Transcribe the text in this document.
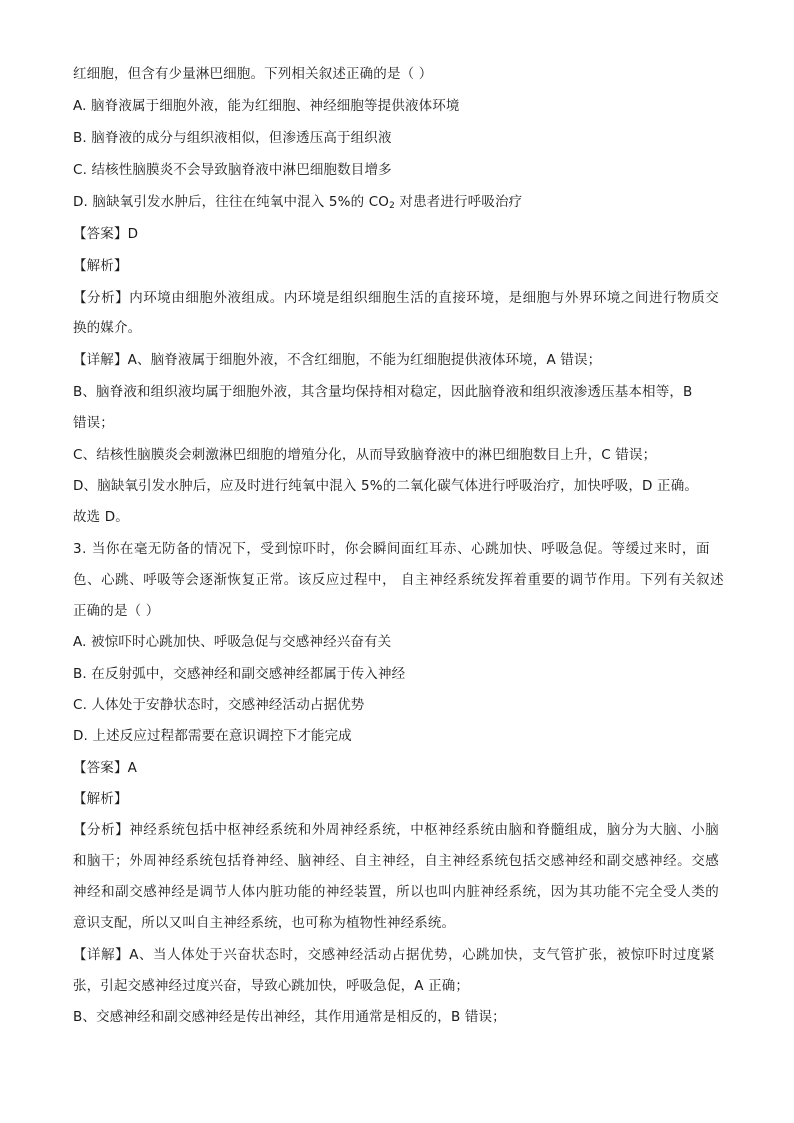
红细胞，但含有少量淋巴细胞。下列相关叙述正确的是（ ）
A. 脑脊液属于细胞外液，能为红细胞、神经细胞等提供液体环境
B. 脑脊液的成分与组织液相似，但渗透压高于组织液
C. 结核性脑膜炎不会导致脑脊液中淋巴细胞数目增多
D. 脑缺氧引发水肿后，往往在纯氧中混入 5%的 $CO_2$ 对患者进行呼吸治疗
【答案】D
【解析】
【分析】内环境由细胞外液组成。内环境是组织细胞生活的直接环境，是细胞与外界环境之间进行物质交
换的媒介。
【详解】A、脑脊液属于细胞外液，不含红细胞，不能为红细胞提供液体环境，A 错误；
B、脑脊液和组织液均属于细胞外液，其含量均保持相对稳定，因此脑脊液和组织液渗透压基本相等，B
错误；
C、结核性脑膜炎会刺激淋巴细胞的增殖分化，从而导致脑脊液中的淋巴细胞数目上升，C 错误；
D、脑缺氧引发水肿后，应及时进行纯氧中混入 5%的二氧化碳气体进行呼吸治疗，加快呼吸，D 正确。
故选 D。
3. 当你在毫无防备的情况下，受到惊吓时，你会瞬间面红耳赤、心跳加快、呼吸急促。等缓过来时，面
色、心跳、呼吸等会逐渐恢复正常。该反应过程中， 自主神经系统发挥着重要的调节作用。下列有关叙述
正确的是（ ）
A. 被惊吓时心跳加快、呼吸急促与交感神经兴奋有关
B. 在反射弧中，交感神经和副交感神经都属于传入神经
C. 人体处于安静状态时，交感神经活动占据优势
D. 上述反应过程都需要在意识调控下才能完成
【答案】A
【解析】
【分析】神经系统包括中枢神经系统和外周神经系统，中枢神经系统由脑和脊髓组成，脑分为大脑、小脑
和脑干；外周神经系统包括脊神经、脑神经、自主神经，自主神经系统包括交感神经和副交感神经。交感
神经和副交感神经是调节人体内脏功能的神经装置，所以也叫内脏神经系统，因为其功能不完全受人类的
意识支配，所以又叫自主神经系统，也可称为植物性神经系统。
【详解】A、当人体处于兴奋状态时，交感神经活动占据优势，心跳加快，支气管扩张，被惊吓时过度紧
张，引起交感神经过度兴奋，导致心跳加快，呼吸急促，A 正确；
B、交感神经和副交感神经是传出神经，其作用通常是相反的，B 错误；
